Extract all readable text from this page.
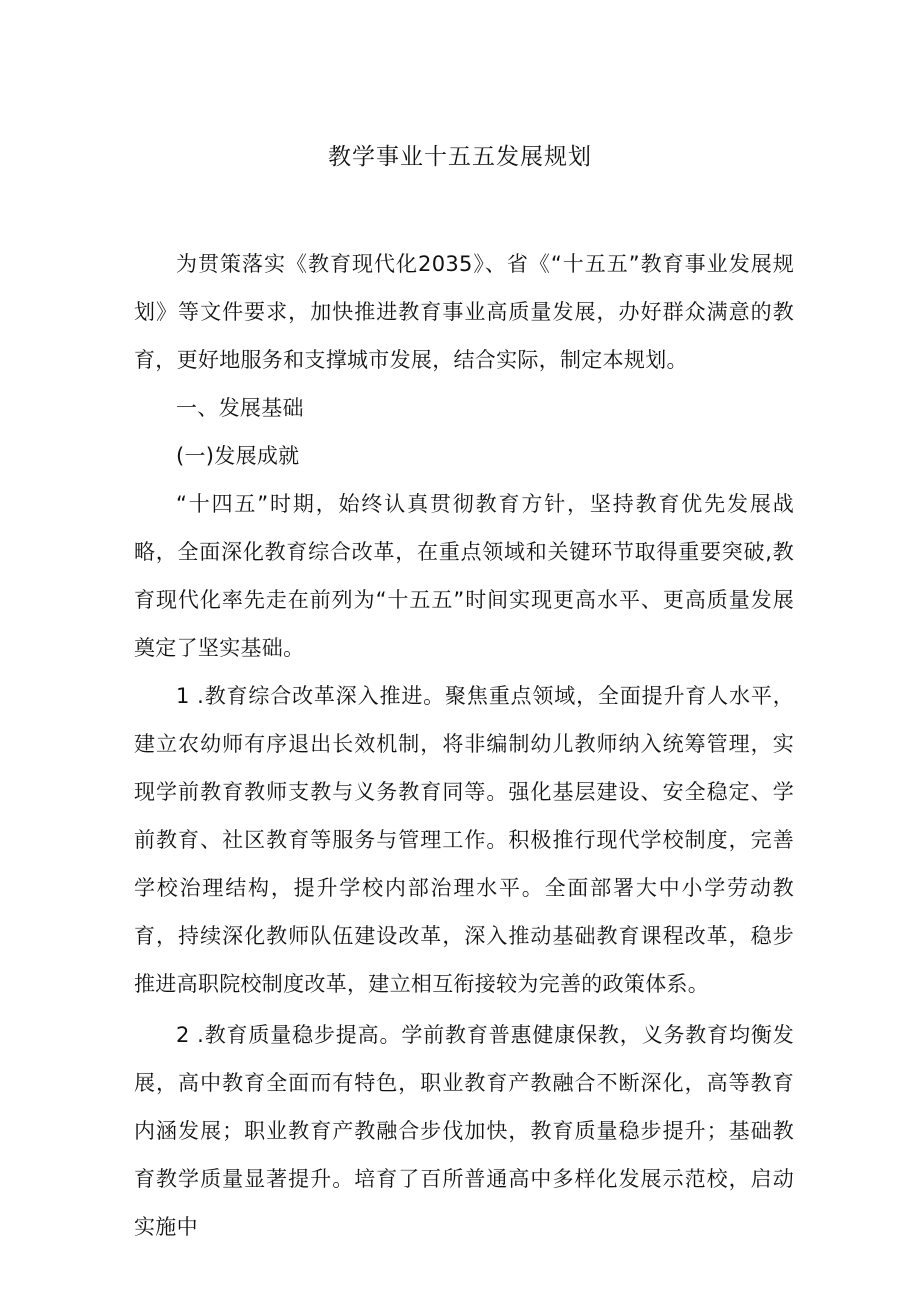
教学事业十五五发展规划

为贯策落实《教育现代化2035》、省《“十五五”教育事业发展规划》等文件要求，加快推进教育事业高质量发展，办好群众满意的教育，更好地服务和支撑城市发展，结合实际，制定本规划。

一、发展基础

(一)发展成就

“十四五”时期，始终认真贯彻教育方针，坚持教育优先发展战略，全面深化教育综合改革，在重点领域和关键环节取得重要突破,教育现代化率先走在前列为“十五五”时间实现更高水平、更高质量发展奠定了坚实基础。

1 .教育综合改革深入推进。聚焦重点领域，全面提升育人水平，建立农幼师有序退出长效机制，将非编制幼儿教师纳入统筹管理，实现学前教育教师支教与义务教育同等。强化基层建设、安全稳定、学前教育、社区教育等服务与管理工作。积极推行现代学校制度，完善学校治理结构，提升学校内部治理水平。全面部署大中小学劳动教育，持续深化教师队伍建设改革，深入推动基础教育课程改革，稳步推进高职院校制度改革，建立相互衔接较为完善的政策体系。

2 .教育质量稳步提高。学前教育普惠健康保教，义务教育均衡发展，高中教育全面而有特色，职业教育产教融合不断深化，高等教育内涵发展；职业教育产教融合步伐加快，教育质量稳步提升；基础教育教学质量显著提升。培育了百所普通高中多样化发展示范校，启动实施中
